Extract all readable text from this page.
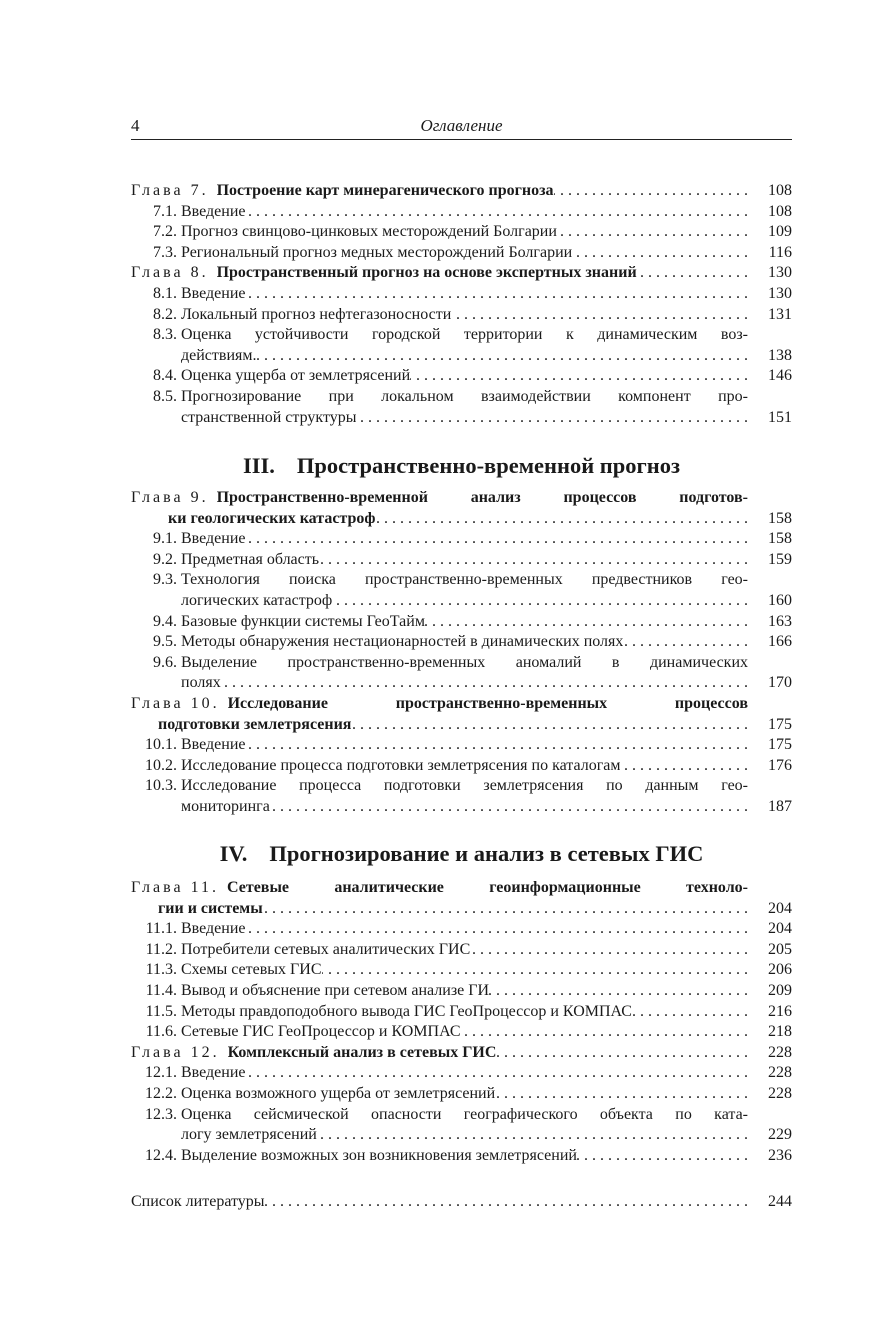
4	Оглавление
Глава 7. Построение карт минерагенического прогноза . . .	108
7.1. Введение . . .	108
7.2. Прогноз свинцово-цинковых месторождений Болгарии . . .	109
7.3. Региональный прогноз медных месторождений Болгарии . . .	116
Глава 8. Пространственный прогноз на основе экспертных знаний . . .	130
8.1. Введение . . .	130
8.2. Локальный прогноз нефтегазоносности . . .	131
8.3. Оценка устойчивости городской территории к динамическим воз-
действиям. . . .	138
8.4. Оценка ущерба от землетрясений . . .	146
8.5. Прогнозирование при локальном взаимодействии компонент про-
странственной структуры . . .	151
III. Пространственно-временной прогноз
Глава 9. Пространственно-временной анализ процессов подготов-
ки геологических катастроф . . .	158
9.1. Введение . . .	158
9.2. Предметная область . . .	159
9.3. Технология поиска пространственно-временных предвестников гео-
логических катастроф . . .	160
9.4. Базовые функции системы ГеоТайм . . .	163
9.5. Методы обнаружения нестационарностей в динамических полях . . .	166
9.6. Выделение пространственно-временных аномалий в динамических
полях . . .	170
Глава 10. Исследование пространственно-временных процессов
подготовки землетрясения . . .	175
10.1. Введение . . .	175
10.2. Исследование процесса подготовки землетрясения по каталогам . . .	176
10.3. Исследование процесса подготовки землетрясения по данным гео-
мониторинга . . .	187
IV. Прогнозирование и анализ в сетевых ГИС
Глава 11. Сетевые аналитические геоинформационные техноло-
гии и системы . . .	204
11.1. Введение . . .	204
11.2. Потребители сетевых аналитических ГИС . . .	205
11.3. Схемы сетевых ГИС . . .	206
11.4. Вывод и объяснение при сетевом анализе ГИ . . .	209
11.5. Методы правдоподобного вывода ГИС ГеоПроцессор и КОМПАС. . . .	216
11.6. Сетевые ГИС ГеоПроцессор и КОМПАС . . .	218
Глава 12. Комплексный анализ в сетевых ГИС . . .	228
12.1. Введение . . .	228
12.2. Оценка возможного ущерба от землетрясений . . .	228
12.3. Оценка сейсмической опасности географического объекта по ката-
логу землетрясений . . .	229
12.4. Выделение возможных зон возникновения землетрясений . . .	236
Список литературы . . .	244
